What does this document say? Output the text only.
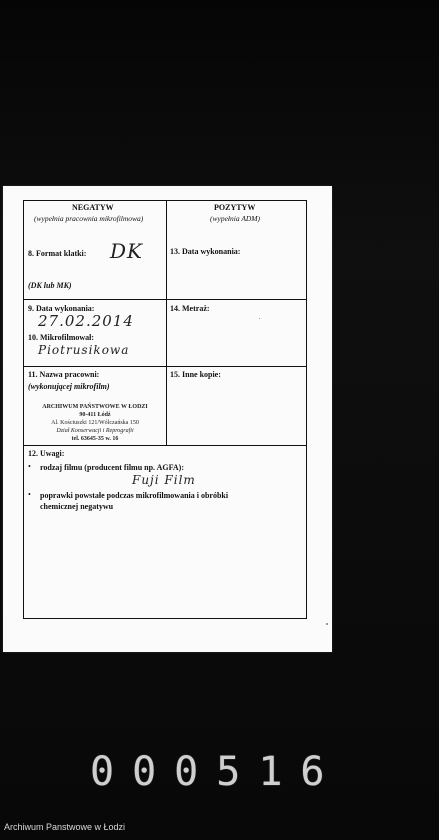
NEGATYW
(wypełnia pracownia mikrofilmowa)
POZYTYW
(wypełnia ADM)
8. Format klatki: DK
(DK lub MK)
13. Data wykonania:
9. Data wykonania:
27.02.2014
10. Mikrofilmował:
Piotrusikowa
14. Metraż:
11. Nazwa pracowni:
(wykonującej mikrofilm)
ARCHIWUM PAŃSTWOWE W ŁODZI
90-411 Łódź
Al. Kościuszki 121/Wólczańska 150
Dział Konserwacji i Reprografii
tel. 63645-35 w. 16
15. Inne kopie:
12. Uwagi:
• rodzaj filmu (producent filmu np. AGFA):
Fuji Film
• poprawki powstałe podczas mikrofilmowania i obróbki
chemicznej negatywu
000516
Archiwum Panstwowe w Łodzi
